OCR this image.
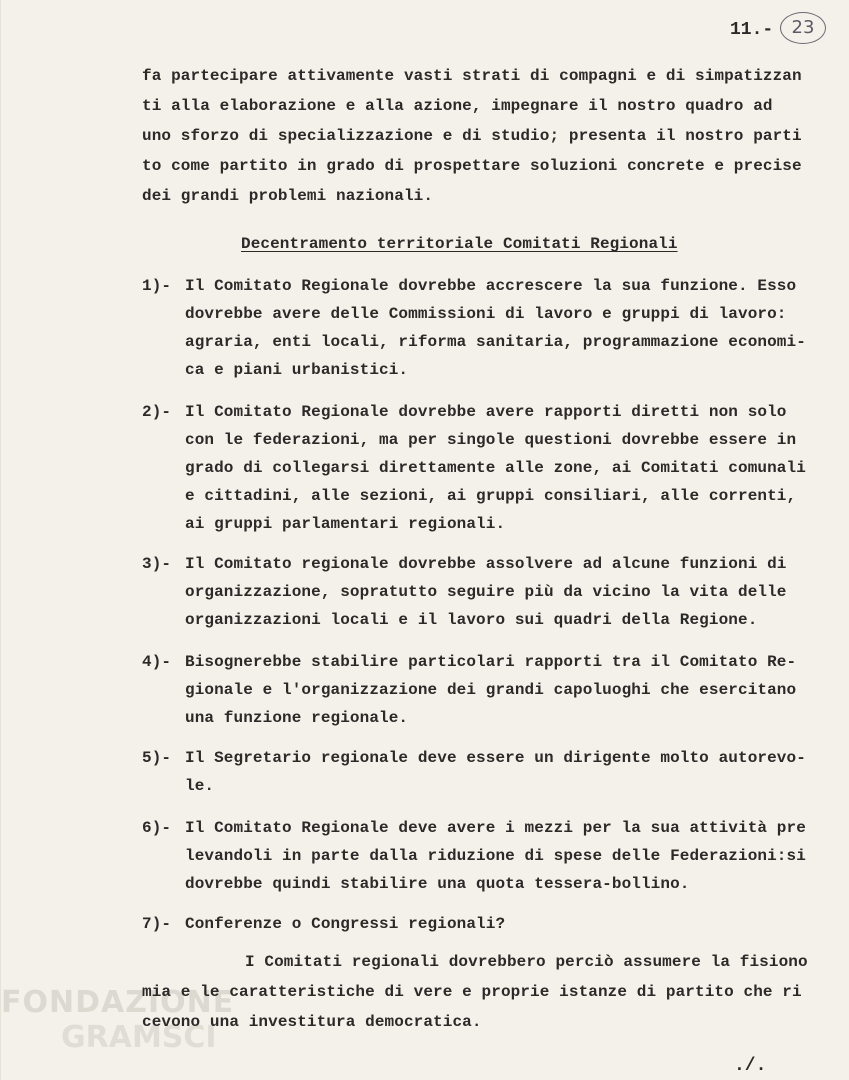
11.-	23
FONDAZIONE
GRAMSCI
fa partecipare attivamente vasti strati di compagni e di simpatizzan
ti alla elaborazione e alla azione, impegnare il nostro quadro ad
uno sforzo di specializzazione e di studio; presenta il nostro parti
to come partito in grado di prospettare soluzioni concrete e precise
dei grandi problemi nazionali.
Decentramento territoriale Comitati Regionali
1)- Il Comitato Regionale dovrebbe accrescere la sua funzione. Esso
dovrebbe avere delle Commissioni di lavoro e gruppi di lavoro:
agraria, enti locali, riforma sanitaria, programmazione economi-
ca e piani urbanistici.
2)- Il Comitato Regionale dovrebbe avere rapporti diretti non solo
con le federazioni, ma per singole questioni dovrebbe essere in
grado di collegarsi direttamente alle zone, ai Comitati comunali
e cittadini, alle sezioni, ai gruppi consiliari, alle correnti,
ai gruppi parlamentari regionali.
3)- Il Comitato regionale dovrebbe assolvere ad alcune funzioni di
organizzazione, sopratutto seguire più da vicino la vita delle
organizzazioni locali e il lavoro sui quadri della Regione.
4)- Bisognerebbe stabilire particolari rapporti tra il Comitato Re-
gionale e l'organizzazione dei grandi capoluoghi che esercitano
una funzione regionale.
5)- Il Segretario regionale deve essere un dirigente molto autorevo-
le.
6)- Il Comitato Regionale deve avere i mezzi per la sua attività pre
levandoli in parte dalla riduzione di spese delle Federazioni:si
dovrebbe quindi stabilire una quota tessera-bollino.
7)- Conferenze o Congressi regionali?
I Comitati regionali dovrebbero perciò assumere la fisiono
mia e le caratteristiche di vere e proprie istanze di partito che ri
cevono una investitura democratica.
./.
